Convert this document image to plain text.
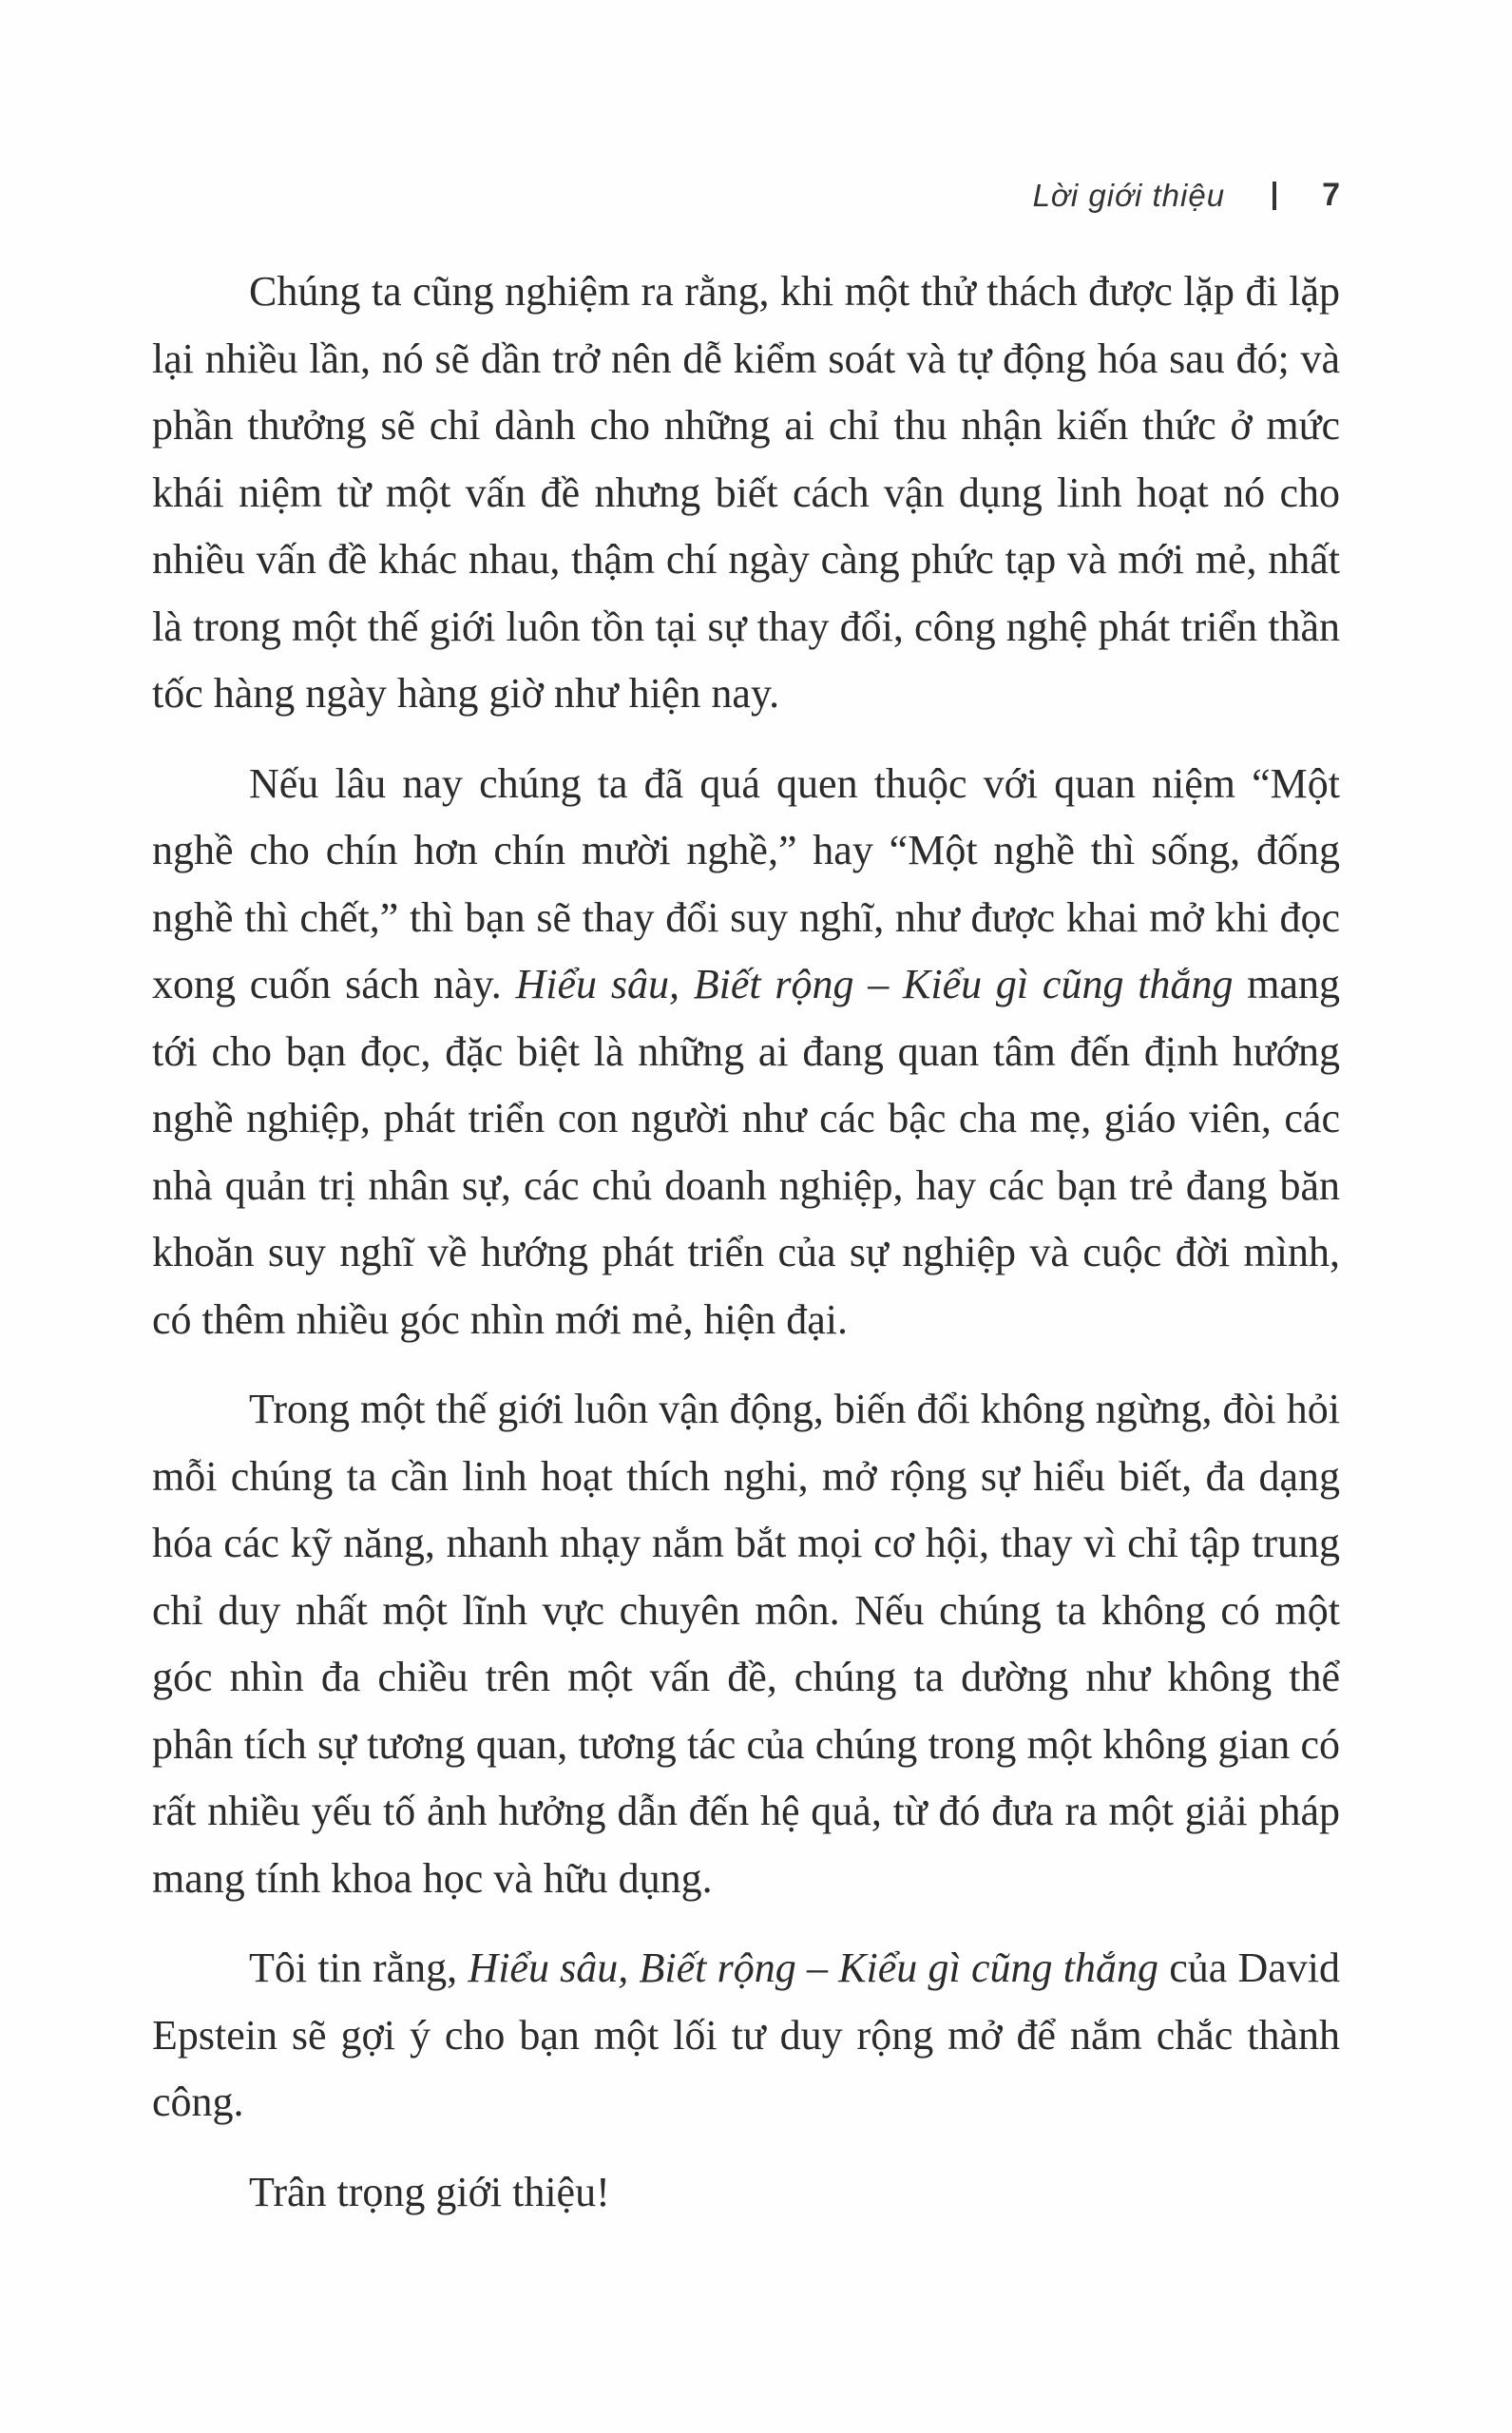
Lời giới thiệu	7

Chúng ta cũng nghiệm ra rằng, khi một thử thách được lặp đi lặp lại nhiều lần, nó sẽ dần trở nên dễ kiểm soát và tự động hóa sau đó; và phần thưởng sẽ chỉ dành cho những ai chỉ thu nhận kiến thức ở mức khái niệm từ một vấn đề nhưng biết cách vận dụng linh hoạt nó cho nhiều vấn đề khác nhau, thậm chí ngày càng phức tạp và mới mẻ, nhất là trong một thế giới luôn tồn tại sự thay đổi, công nghệ phát triển thần tốc hàng ngày hàng giờ như hiện nay.

Nếu lâu nay chúng ta đã quá quen thuộc với quan niệm “Một nghề cho chín hơn chín mười nghề,” hay “Một nghề thì sống, đống nghề thì chết,” thì bạn sẽ thay đổi suy nghĩ, như được khai mở khi đọc xong cuốn sách này. Hiểu sâu, Biết rộng – Kiểu gì cũng thắng mang tới cho bạn đọc, đặc biệt là những ai đang quan tâm đến định hướng nghề nghiệp, phát triển con người như các bậc cha mẹ, giáo viên, các nhà quản trị nhân sự, các chủ doanh nghiệp, hay các bạn trẻ đang băn khoăn suy nghĩ về hướng phát triển của sự nghiệp và cuộc đời mình, có thêm nhiều góc nhìn mới mẻ, hiện đại.

Trong một thế giới luôn vận động, biến đổi không ngừng, đòi hỏi mỗi chúng ta cần linh hoạt thích nghi, mở rộng sự hiểu biết, đa dạng hóa các kỹ năng, nhanh nhạy nắm bắt mọi cơ hội, thay vì chỉ tập trung chỉ duy nhất một lĩnh vực chuyên môn. Nếu chúng ta không có một góc nhìn đa chiều trên một vấn đề, chúng ta dường như không thể phân tích sự tương quan, tương tác của chúng trong một không gian có rất nhiều yếu tố ảnh hưởng dẫn đến hệ quả, từ đó đưa ra một giải pháp mang tính khoa học và hữu dụng.

Tôi tin rằng, Hiểu sâu, Biết rộng – Kiểu gì cũng thắng của David Epstein sẽ gợi ý cho bạn một lối tư duy rộng mở để nắm chắc thành công.

Trân trọng giới thiệu!
